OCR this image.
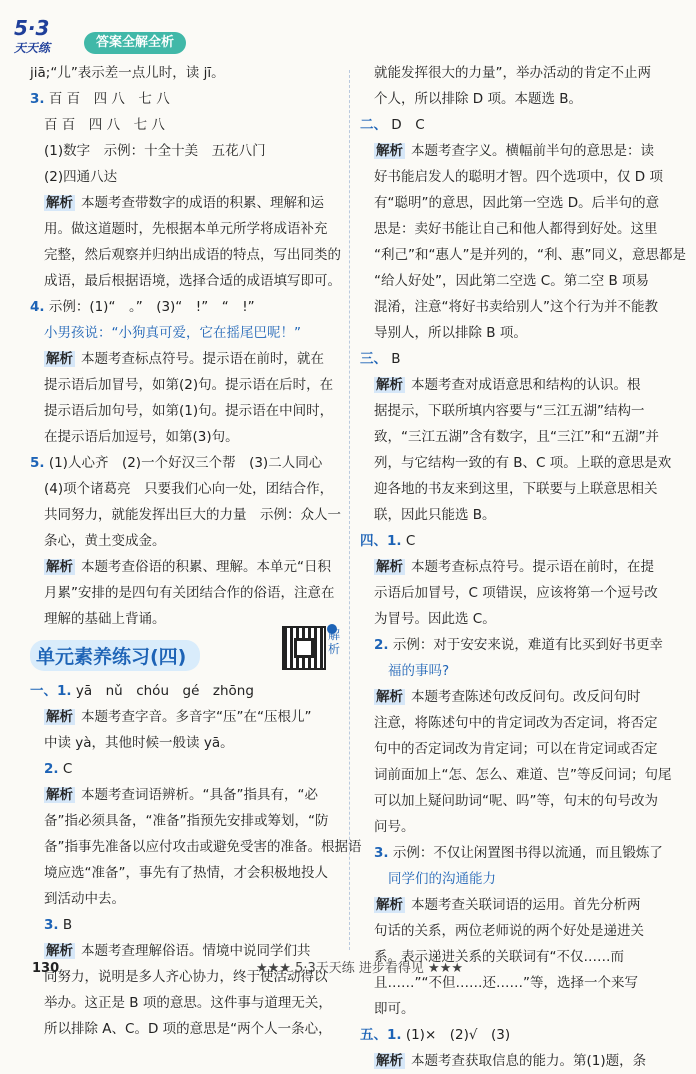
5·3
天天练	答案全解全析
jiā;“儿”表示差一点儿时，读 jī。
3. 百 百　四 八　七 八
百 百　四 八　七 八
(1)数字　示例：十全十美　五花八门
(2)四通八达
解析 本题考查带数字的成语的积累、理解和运
用。做这道题时，先根据本单元所学将成语补充
完整，然后观察并归纳出成语的特点，写出同类的
成语，最后根据语境，选择合适的成语填写即可。
4. 示例：(1)“　。”　(3)“　!”　“　!”
小男孩说：“小狗真可爱，它在摇尾巴呢！”
解析 本题考查标点符号。提示语在前时，就在
提示语后加冒号，如第(2)句。提示语在后时，在
提示语后加句号，如第(1)句。提示语在中间时，
在提示语后加逗号，如第(3)句。
5. (1)人心齐　(2)一个好汉三个帮　(3)二人同心
(4)项个诸葛亮　只要我们心向一处，团结合作，
共同努力，就能发挥出巨大的力量　示例：众人一
条心，黄土变成金。
解析 本题考查俗语的积累、理解。本单元“日积
月累”安排的是四句有关团结合作的俗语，注意在
理解的基础上背诵。
单元素养练习(四)
解析
一、1. yā　nǔ　chóu　gé　zhōng
解析 本题考查字音。多音字“压”在“压根儿”
中读 yà，其他时候一般读 yā。
2. C
解析 本题考查词语辨析。“具备”指具有，“必
备”指必须具备，“准备”指预先安排或筹划，“防
备”指事先准备以应付攻击或避免受害的准备。根据语
境应选“准备”，事先有了热情，才会积极地投人
到活动中去。
3. B
解析 本题考查理解俗语。情境中说同学们共
同努力，说明是多人齐心协力，终于使活动得以
举办。这正是 B 项的意思。这件事与道理无关，
所以排除 A、C。D 项的意思是“两个人一条心，
就能发挥很大的力量”，举办活动的肯定不止两
个人，所以排除 D 项。本题选 B。
二、 D　C
解析 本题考查字义。横幅前半句的意思是：读
好书能启发人的聪明才智。四个选项中，仅 D 项
有“聪明”的意思，因此第一空选 D。后半句的意
思是：卖好书能让自己和他人都得到好处。这里
“利己”和“惠人”是并列的，“利、惠”同义，意思都是
“给人好处”，因此第二空选 C。第二空 B 项易
混淆，注意“将好书卖给别人”这个行为并不能教
导别人，所以排除 B 项。
三、 B
解析 本题考查对成语意思和结构的认识。根
据提示，下联所填内容要与“三江五湖”结构一
致，“三江五湖”含有数字，且“三江”和“五湖”并
列，与它结构一致的有 B、C 项。上联的意思是欢
迎各地的书友来到这里，下联要与上联意思相关
联，因此只能选 B。
四、1. C
解析 本题考查标点符号。提示语在前时，在提
示语后加冒号，C 项错误，应该将第一个逗号改
为冒号。因此选 C。
2. 示例：对于安安来说，难道有比买到好书更幸
福的事吗?
解析 本题考查陈述句改反问句。改反问句时
注意，将陈述句中的肯定词改为否定词，将否定
句中的否定词改为肯定词；可以在肯定词或否定
词前面加上“怎、怎么、难道、岂”等反问词；句尾
可以加上疑问助词“呢、吗”等，句末的句号改为
问号。
3. 示例：不仅让闲置图书得以流通，而且锻炼了
同学们的沟通能力
解析 本题考查关联词语的运用。首先分析两
句话的关系，两位老师说的两个好处是递进关
系。表示递进关系的关联词有“不仅……而
且……”“不但……还……”等，选择一个来写
即可。
五、1. (1)×　(2)√　(3)
解析 本题考查获取信息的能力。第(1)题，条
130	★★★ 5·3天天练 进步看得见 ★★★
